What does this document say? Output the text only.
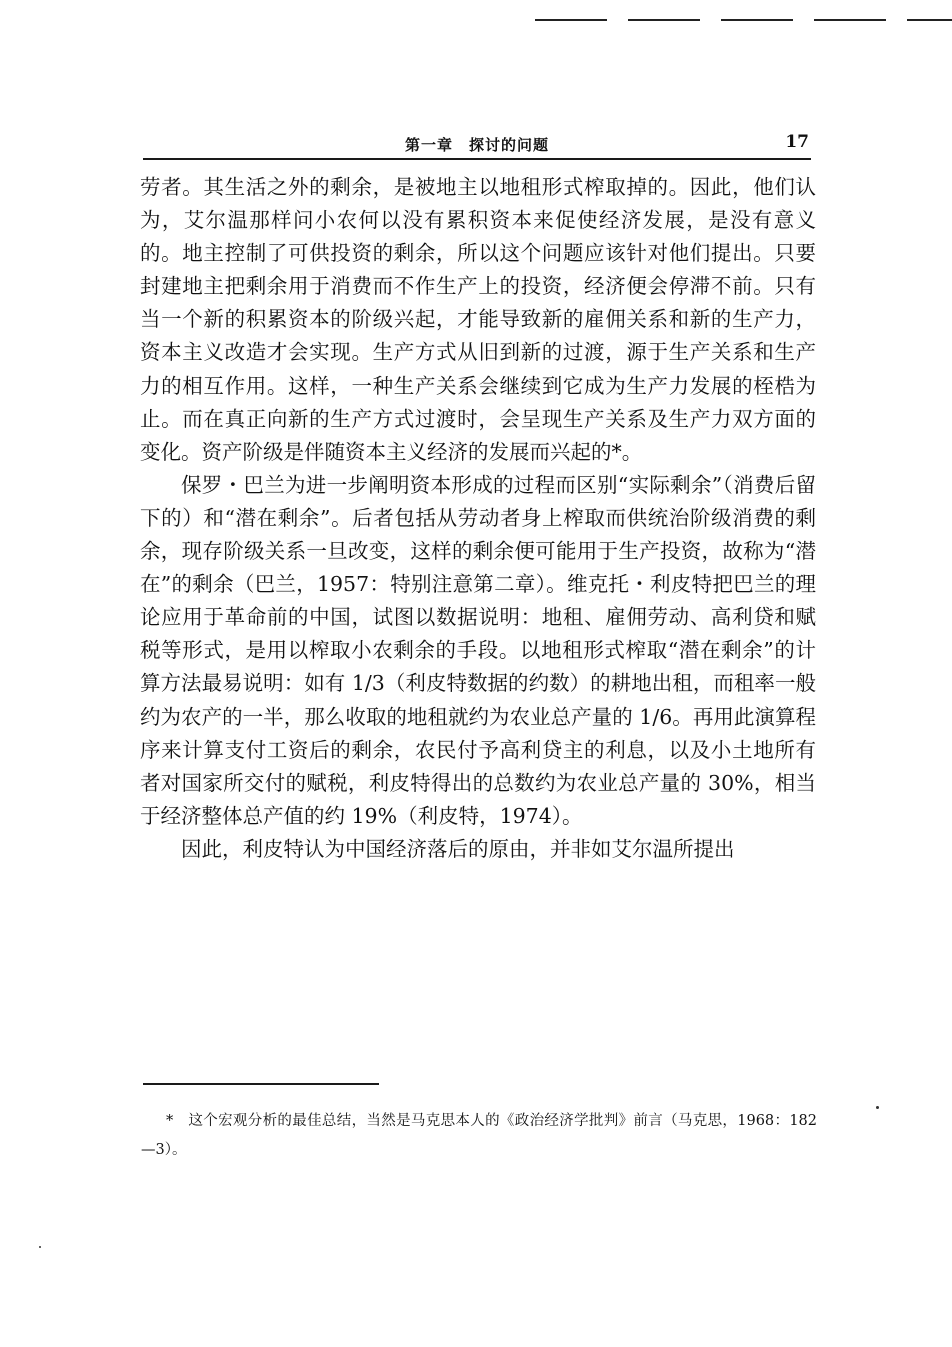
第一章　探讨的问题	17

劳者。其生活之外的剩余，是被地主以地租形式榨取掉的。因此，他们认为，艾尔温那样问小农何以没有累积资本来促使经济发展，是没有意义的。地主控制了可供投资的剩余，所以这个问题应该针对他们提出。只要封建地主把剩余用于消费而不作生产上的投资，经济便会停滞不前。只有当一个新的积累资本的阶级兴起，才能导致新的雇佣关系和新的生产力，资本主义改造才会实现。生产方式从旧到新的过渡，源于生产关系和生产力的相互作用。这样，一种生产关系会继续到它成为生产力发展的桎梏为止。而在真正向新的生产方式过渡时，会呈现生产关系及生产力双方面的变化。资产阶级是伴随资本主义经济的发展而兴起的*。

保罗・巴兰为进一步阐明资本形成的过程而区别“实际剩余”（消费后留下的）和“潜在剩余”。后者包括从劳动者身上榨取而供统治阶级消费的剩余，现存阶级关系一旦改变，这样的剩余便可能用于生产投资，故称为“潜在”的剩余（巴兰，1957：特别注意第二章）。维克托・利皮特把巴兰的理论应用于革命前的中国，试图以数据说明：地租、雇佣劳动、高利贷和赋税等形式，是用以榨取小农剩余的手段。以地租形式榨取“潜在剩余”的计算方法最易说明：如有 1/3（利皮特数据的约数）的耕地出租，而租率一般约为农产的一半，那么收取的地租就约为农业总产量的 1/6。再用此演算程序来计算支付工资后的剩余，农民付予高利贷主的利息，以及小土地所有者对国家所交付的赋税，利皮特得出的总数约为农业总产量的 30%，相当于经济整体总产值的约 19%（利皮特，1974）。

因此，利皮特认为中国经济落后的原由，并非如艾尔温所提出

*　这个宏观分析的最佳总结，当然是马克思本人的《政治经济学批判》前言（马克思，1968：182—3）。
